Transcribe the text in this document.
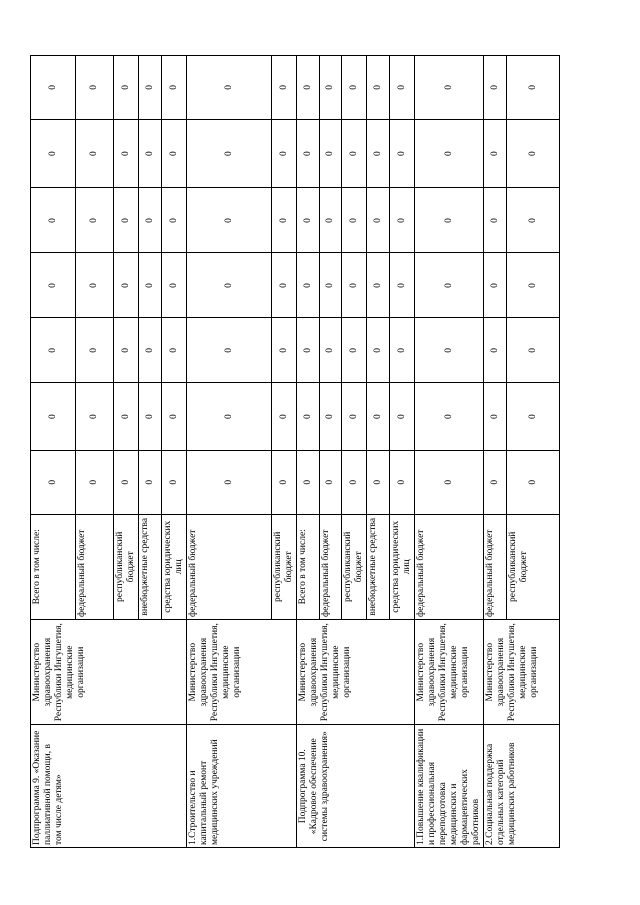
Подпрограмма 9. «Оказание паллиативной помощи, в том числе детям»	Министерство здравоохранения Республики Ингушетия, медицинские организации	Всего в том числе:	0	0	0	0	0	0	0

		федеральный бюджет	0	0	0	0	0	0	0
		республиканский бюджет	0	0	0	0	0	0	0
		внебюджетные средства	0	0	0	0	0	0	0
		средства юридических лиц	0	0	0	0	0	0	0
1.Строительство и капитальный ремонт медицинских учреждений	Министерство здравоохранения Республики Ингушетия, медицинские организации	федеральный бюджет	0	0	0	0	0	0	0
		республиканский бюджет	0	0	0	0	0	0	0
Подпрограмма 10. «Кадровое обеспечение системы здравоохранения»	Министерство здравоохранения Республики Ингушетия, медицинские организации	Всего в том числе:	0	0	0	0	0	0	0
		федеральный бюджет	0	0	0	0	0	0	0
		республиканский бюджет	0	0	0	0	0	0	0
		внебюджетные средства	0	0	0	0	0	0	0
		средства юридических лиц	0	0	0	0	0	0	0
1.Повышение квалификации и профессиональная переподготовка медицинских и фармацевтических работников	Министерство здравоохранения Республики Ингушетия, медицинские организации	федеральный бюджет	0	0	0	0	0	0	0
2.Социальная поддержка отдельных категорий медицинских работников	Министерство здравоохранения Республики Ингушетия, медицинские организации	федеральный бюджет	0	0	0	0	0	0	0
		республиканский бюджет	0	0	0	0	0	0	0
